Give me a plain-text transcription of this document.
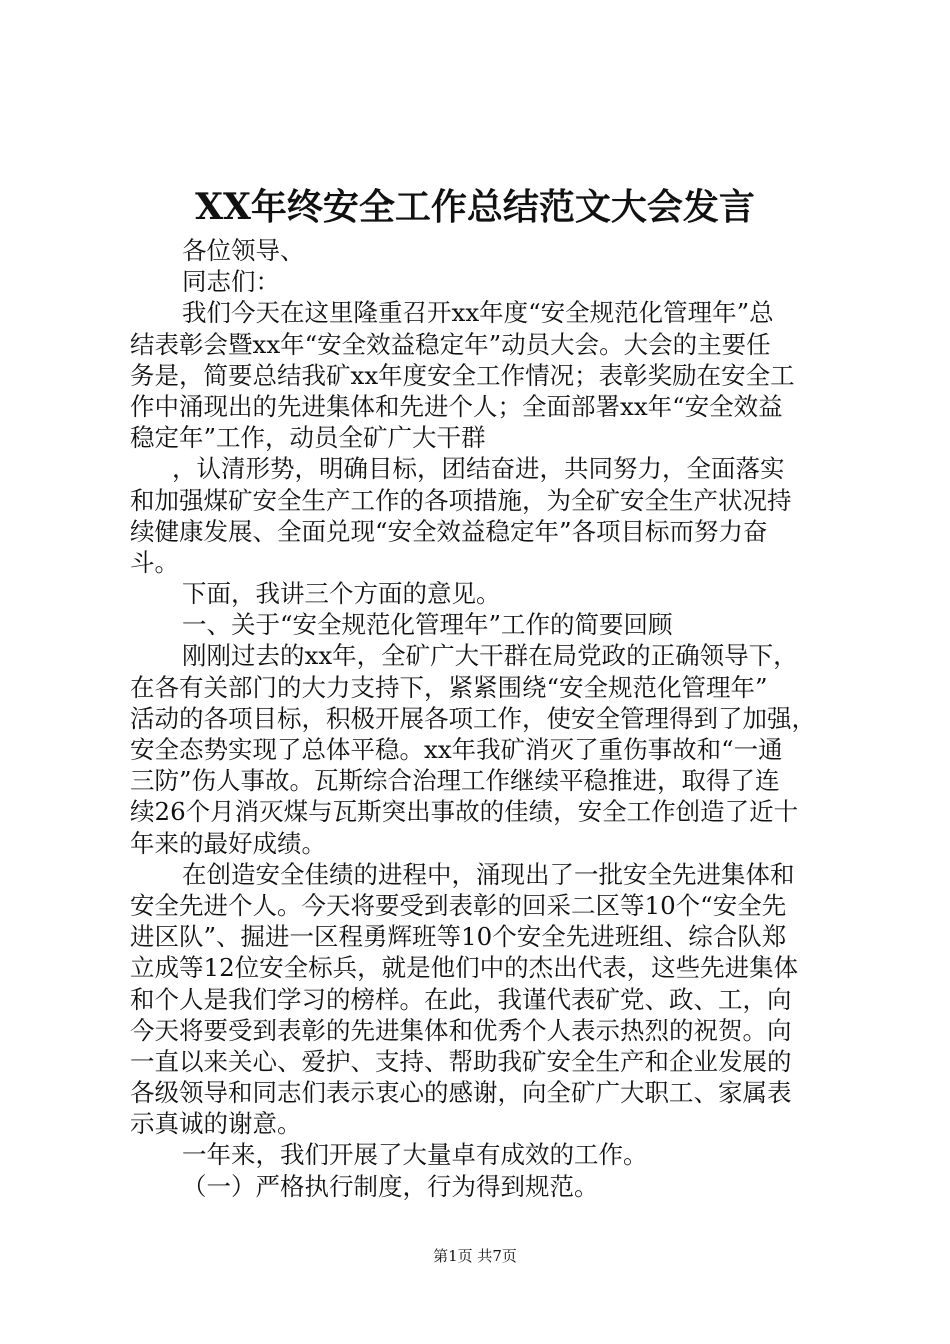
XX年终安全工作总结范文大会发言
各位领导、
同志们：
我们今天在这里隆重召开xx年度“安全规范化管理年”总
结表彰会暨xx年“安全效益稳定年”动员大会。大会的主要任
务是，简要总结我矿xx年度安全工作情况；表彰奖励在安全工
作中涌现出的先进集体和先进个人；全面部署xx年“安全效益
稳定年”工作，动员全矿广大干群
，认清形势，明确目标，团结奋进，共同努力，全面落实
和加强煤矿安全生产工作的各项措施，为全矿安全生产状况持
续健康发展、全面兑现“安全效益稳定年”各项目标而努力奋
斗。
下面，我讲三个方面的意见。
一、关于“安全规范化管理年”工作的简要回顾
刚刚过去的xx年，全矿广大干群在局党政的正确领导下，
在各有关部门的大力支持下，紧紧围绕“安全规范化管理年”
活动的各项目标，积极开展各项工作，使安全管理得到了加强，
安全态势实现了总体平稳。xx年我矿消灭了重伤事故和“一通
三防”伤人事故。瓦斯综合治理工作继续平稳推进，取得了连
续26个月消灭煤与瓦斯突出事故的佳绩，安全工作创造了近十
年来的最好成绩。
在创造安全佳绩的进程中，涌现出了一批安全先进集体和
安全先进个人。今天将要受到表彰的回采二区等10个“安全先
进区队”、掘进一区程勇辉班等10个安全先进班组、综合队郑
立成等12位安全标兵，就是他们中的杰出代表，这些先进集体
和个人是我们学习的榜样。在此，我谨代表矿党、政、工，向
今天将要受到表彰的先进集体和优秀个人表示热烈的祝贺。向
一直以来关心、爱护、支持、帮助我矿安全生产和企业发展的
各级领导和同志们表示衷心的感谢，向全矿广大职工、家属表
示真诚的谢意。
一年来，我们开展了大量卓有成效的工作。
（一）严格执行制度，行为得到规范。
第1页 共7页
